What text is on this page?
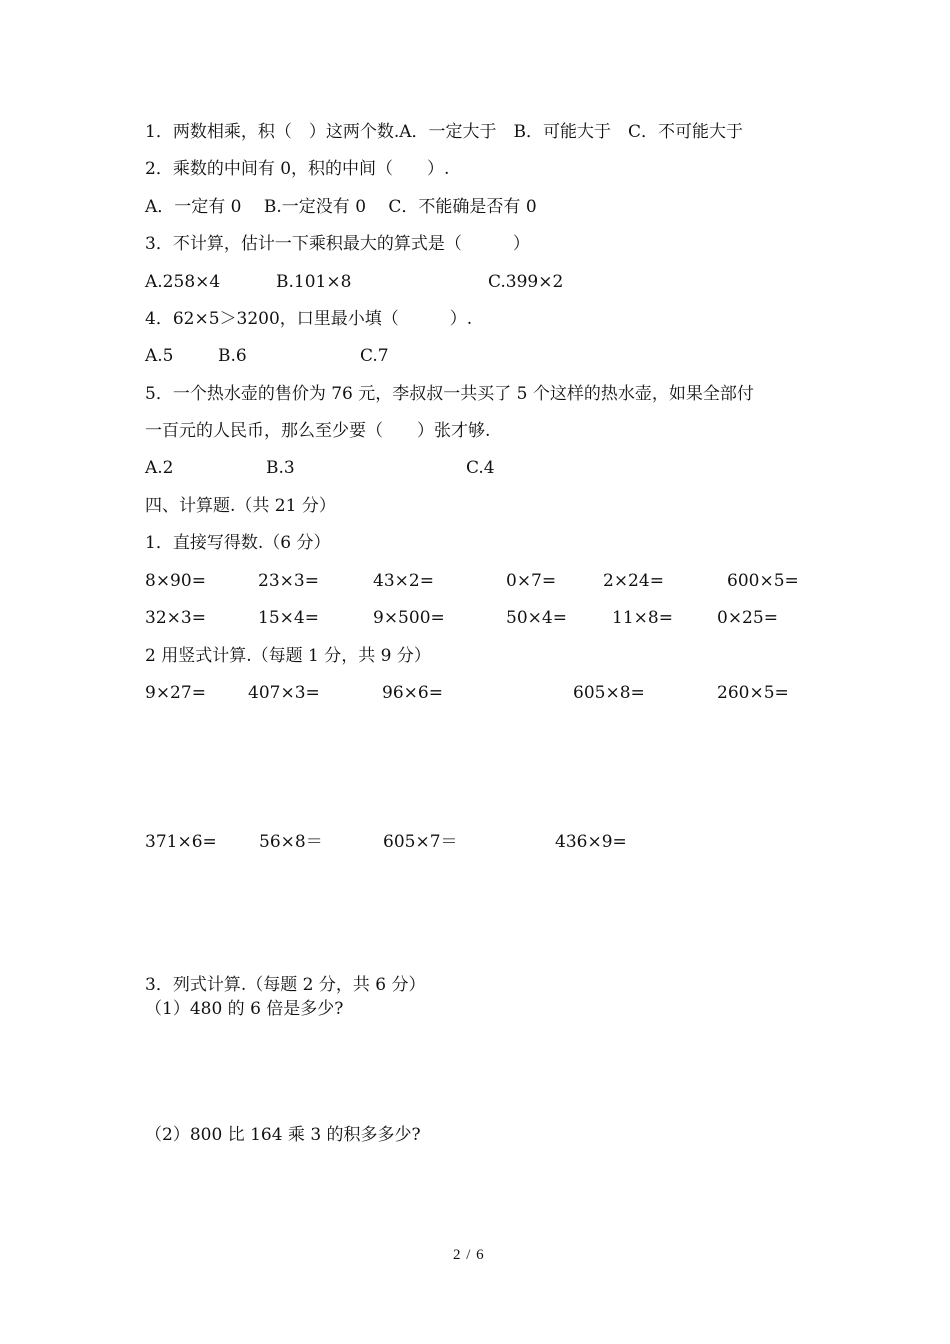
1．两数相乘，积（　）这两个数.A．一定大于　B．可能大于　C．不可能大于
2．乘数的中间有 0，积的中间（　　）.
A．一定有 0　 B.一定没有 0　 C．不能确是否有 0
3．不计算，估计一下乘积最大的算式是（　　　）
A.258×4	B.101×8	C.399×2
4．62×5＞3200，口里最小填（　　　）.
A.5	B.6	C.7
5．一个热水壶的售价为 76 元，李叔叔一共买了 5 个这样的热水壶，如果全部付
一百元的人民币，那么至少要（　　）张才够.
A.2	B.3	C.4
四、计算题.（共 21 分）
1．直接写得数.（6 分）
8×90=	23×3=	43×2=	0×7=	2×24=	600×5=
32×3=	15×4=	9×500=	50×4=	11×8=	0×25=
2 用竖式计算.（每题 1 分，共 9 分）
9×27= 407×3=	96×6=	605×8=	260×5=
371×6= 56×8＝	605×7＝	436×9=
3．列式计算.（每题 2 分，共 6 分）
（1）480 的 6 倍是多少?
（2）800 比 164 乘 3 的积多多少?
2 / 6
